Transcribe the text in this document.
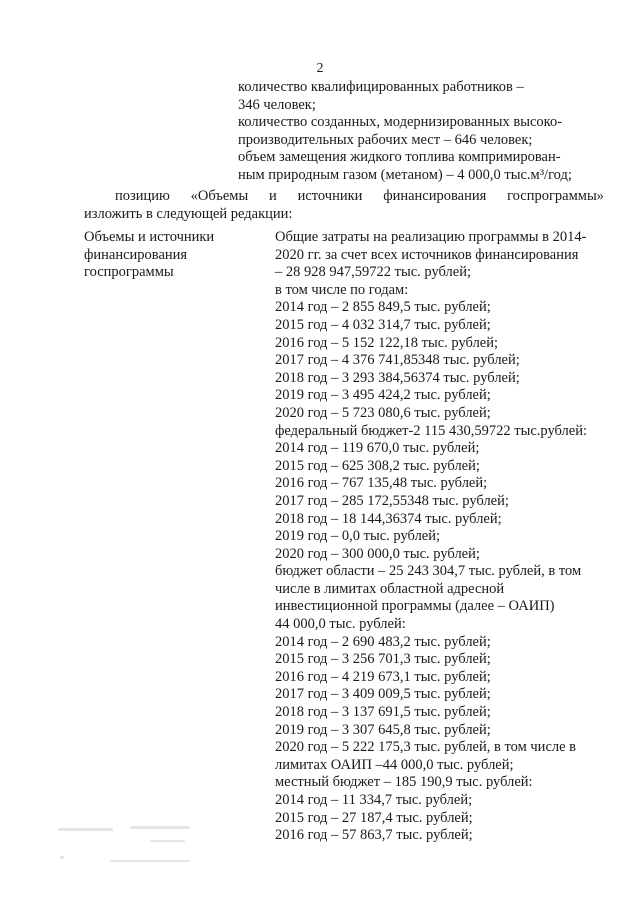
2
количество квалифицированных работников –
346 человек;
количество созданных, модернизированных высоко-
производительных рабочих мест – 646 человек;
объем замещения жидкого топлива компримирован-
ным природным газом (метаном) – 4 000,0 тыс.м³/год;
позицию «Объемы и источники финансирования госпрограммы»
изложить в следующей редакции:
Объемы и источники
финансирования
госпрограммы
Общие затраты на реализацию программы в 2014-
2020 гг. за счет всех источников финансирования
– 28 928 947,59722 тыс. рублей;
в том числе по годам:
2014 год – 2 855 849,5 тыс. рублей;
2015 год – 4 032 314,7 тыс. рублей;
2016 год – 5 152 122,18 тыс. рублей;
2017 год – 4 376 741,85348 тыс. рублей;
2018 год – 3 293 384,56374 тыс. рублей;
2019 год – 3 495 424,2 тыс. рублей;
2020 год – 5 723 080,6 тыс. рублей;
федеральный бюджет-2 115 430,59722 тыс.рублей:
2014 год – 119 670,0 тыс. рублей;
2015 год – 625 308,2 тыс. рублей;
2016 год – 767 135,48 тыс. рублей;
2017 год – 285 172,55348 тыс. рублей;
2018 год – 18 144,36374 тыс. рублей;
2019 год – 0,0 тыс. рублей;
2020 год – 300 000,0 тыс. рублей;
бюджет области – 25 243 304,7 тыс. рублей, в том
числе в лимитах областной адресной
инвестиционной программы (далее – ОАИП)
44 000,0 тыс. рублей:
2014 год – 2 690 483,2 тыс. рублей;
2015 год – 3 256 701,3 тыс. рублей;
2016 год – 4 219 673,1 тыс. рублей;
2017 год – 3 409 009,5 тыс. рублей;
2018 год – 3 137 691,5 тыс. рублей;
2019 год – 3 307 645,8 тыс. рублей;
2020 год – 5 222 175,3 тыс. рублей, в том числе в
лимитах ОАИП –44 000,0 тыс. рублей;
местный бюджет – 185 190,9 тыс. рублей:
2014 год – 11 334,7 тыс. рублей;
2015 год – 27 187,4 тыс. рублей;
2016 год – 57 863,7 тыс. рублей;
